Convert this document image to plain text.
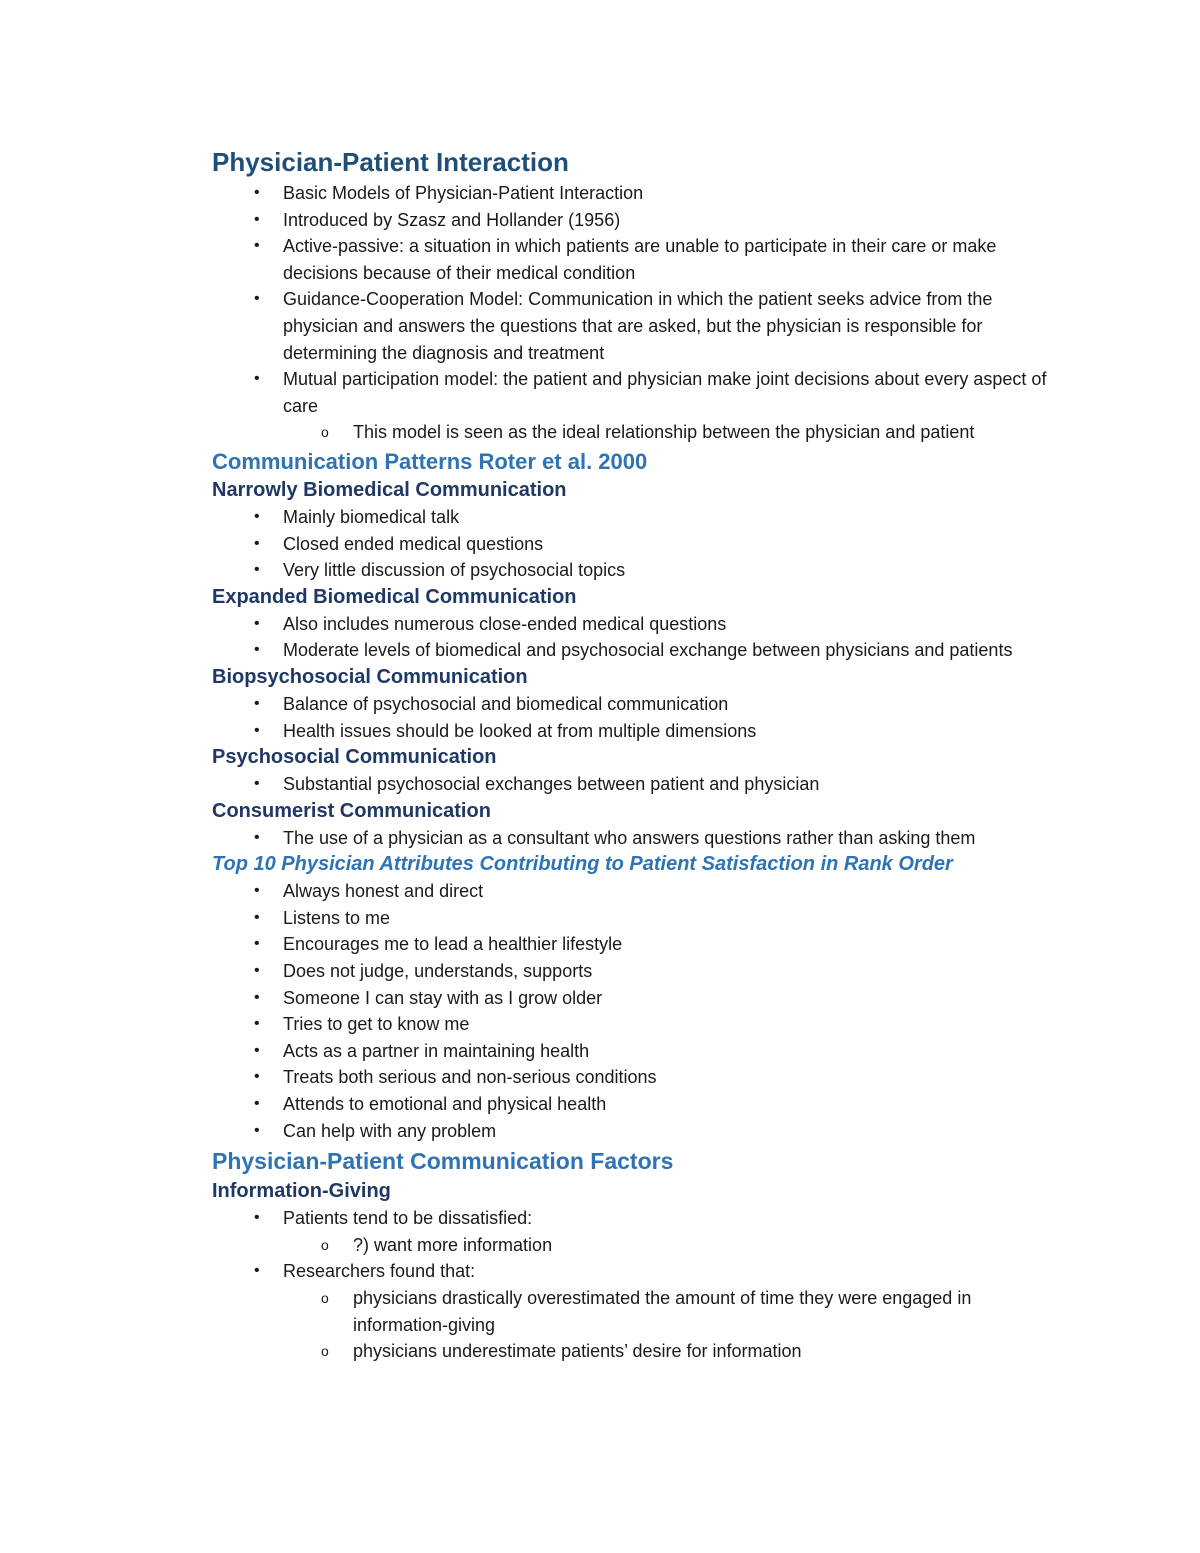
Physician-Patient Interaction
• Basic Models of Physician-Patient Interaction
• Introduced by Szasz and Hollander (1956)
• Active-passive: a situation in which patients are unable to participate in their care or make decisions because of their medical condition
• Guidance-Cooperation Model: Communication in which the patient seeks advice from the physician and answers the questions that are asked, but the physician is responsible for determining the diagnosis and treatment
• Mutual participation model: the patient and physician make joint decisions about every aspect of care
o This model is seen as the ideal relationship between the physician and patient
Communication Patterns Roter et al. 2000
Narrowly Biomedical Communication
• Mainly biomedical talk
• Closed ended medical questions
• Very little discussion of psychosocial topics
Expanded Biomedical Communication
• Also includes numerous close-ended medical questions
• Moderate levels of biomedical and psychosocial exchange between physicians and patients
Biopsychosocial Communication
• Balance of psychosocial and biomedical communication
• Health issues should be looked at from multiple dimensions
Psychosocial Communication
• Substantial psychosocial exchanges between patient and physician
Consumerist Communication
• The use of a physician as a consultant who answers questions rather than asking them
Top 10 Physician Attributes Contributing to Patient Satisfaction in Rank Order
• Always honest and direct
• Listens to me
• Encourages me to lead a healthier lifestyle
• Does not judge, understands, supports
• Someone I can stay with as I grow older
• Tries to get to know me
• Acts as a partner in maintaining health
• Treats both serious and non-serious conditions
• Attends to emotional and physical health
• Can help with any problem
Physician-Patient Communication Factors
Information-Giving
• Patients tend to be dissatisfied:
o ?) want more information
• Researchers found that:
o physicians drastically overestimated the amount of time they were engaged in information-giving
o physicians underestimate patients’ desire for information
